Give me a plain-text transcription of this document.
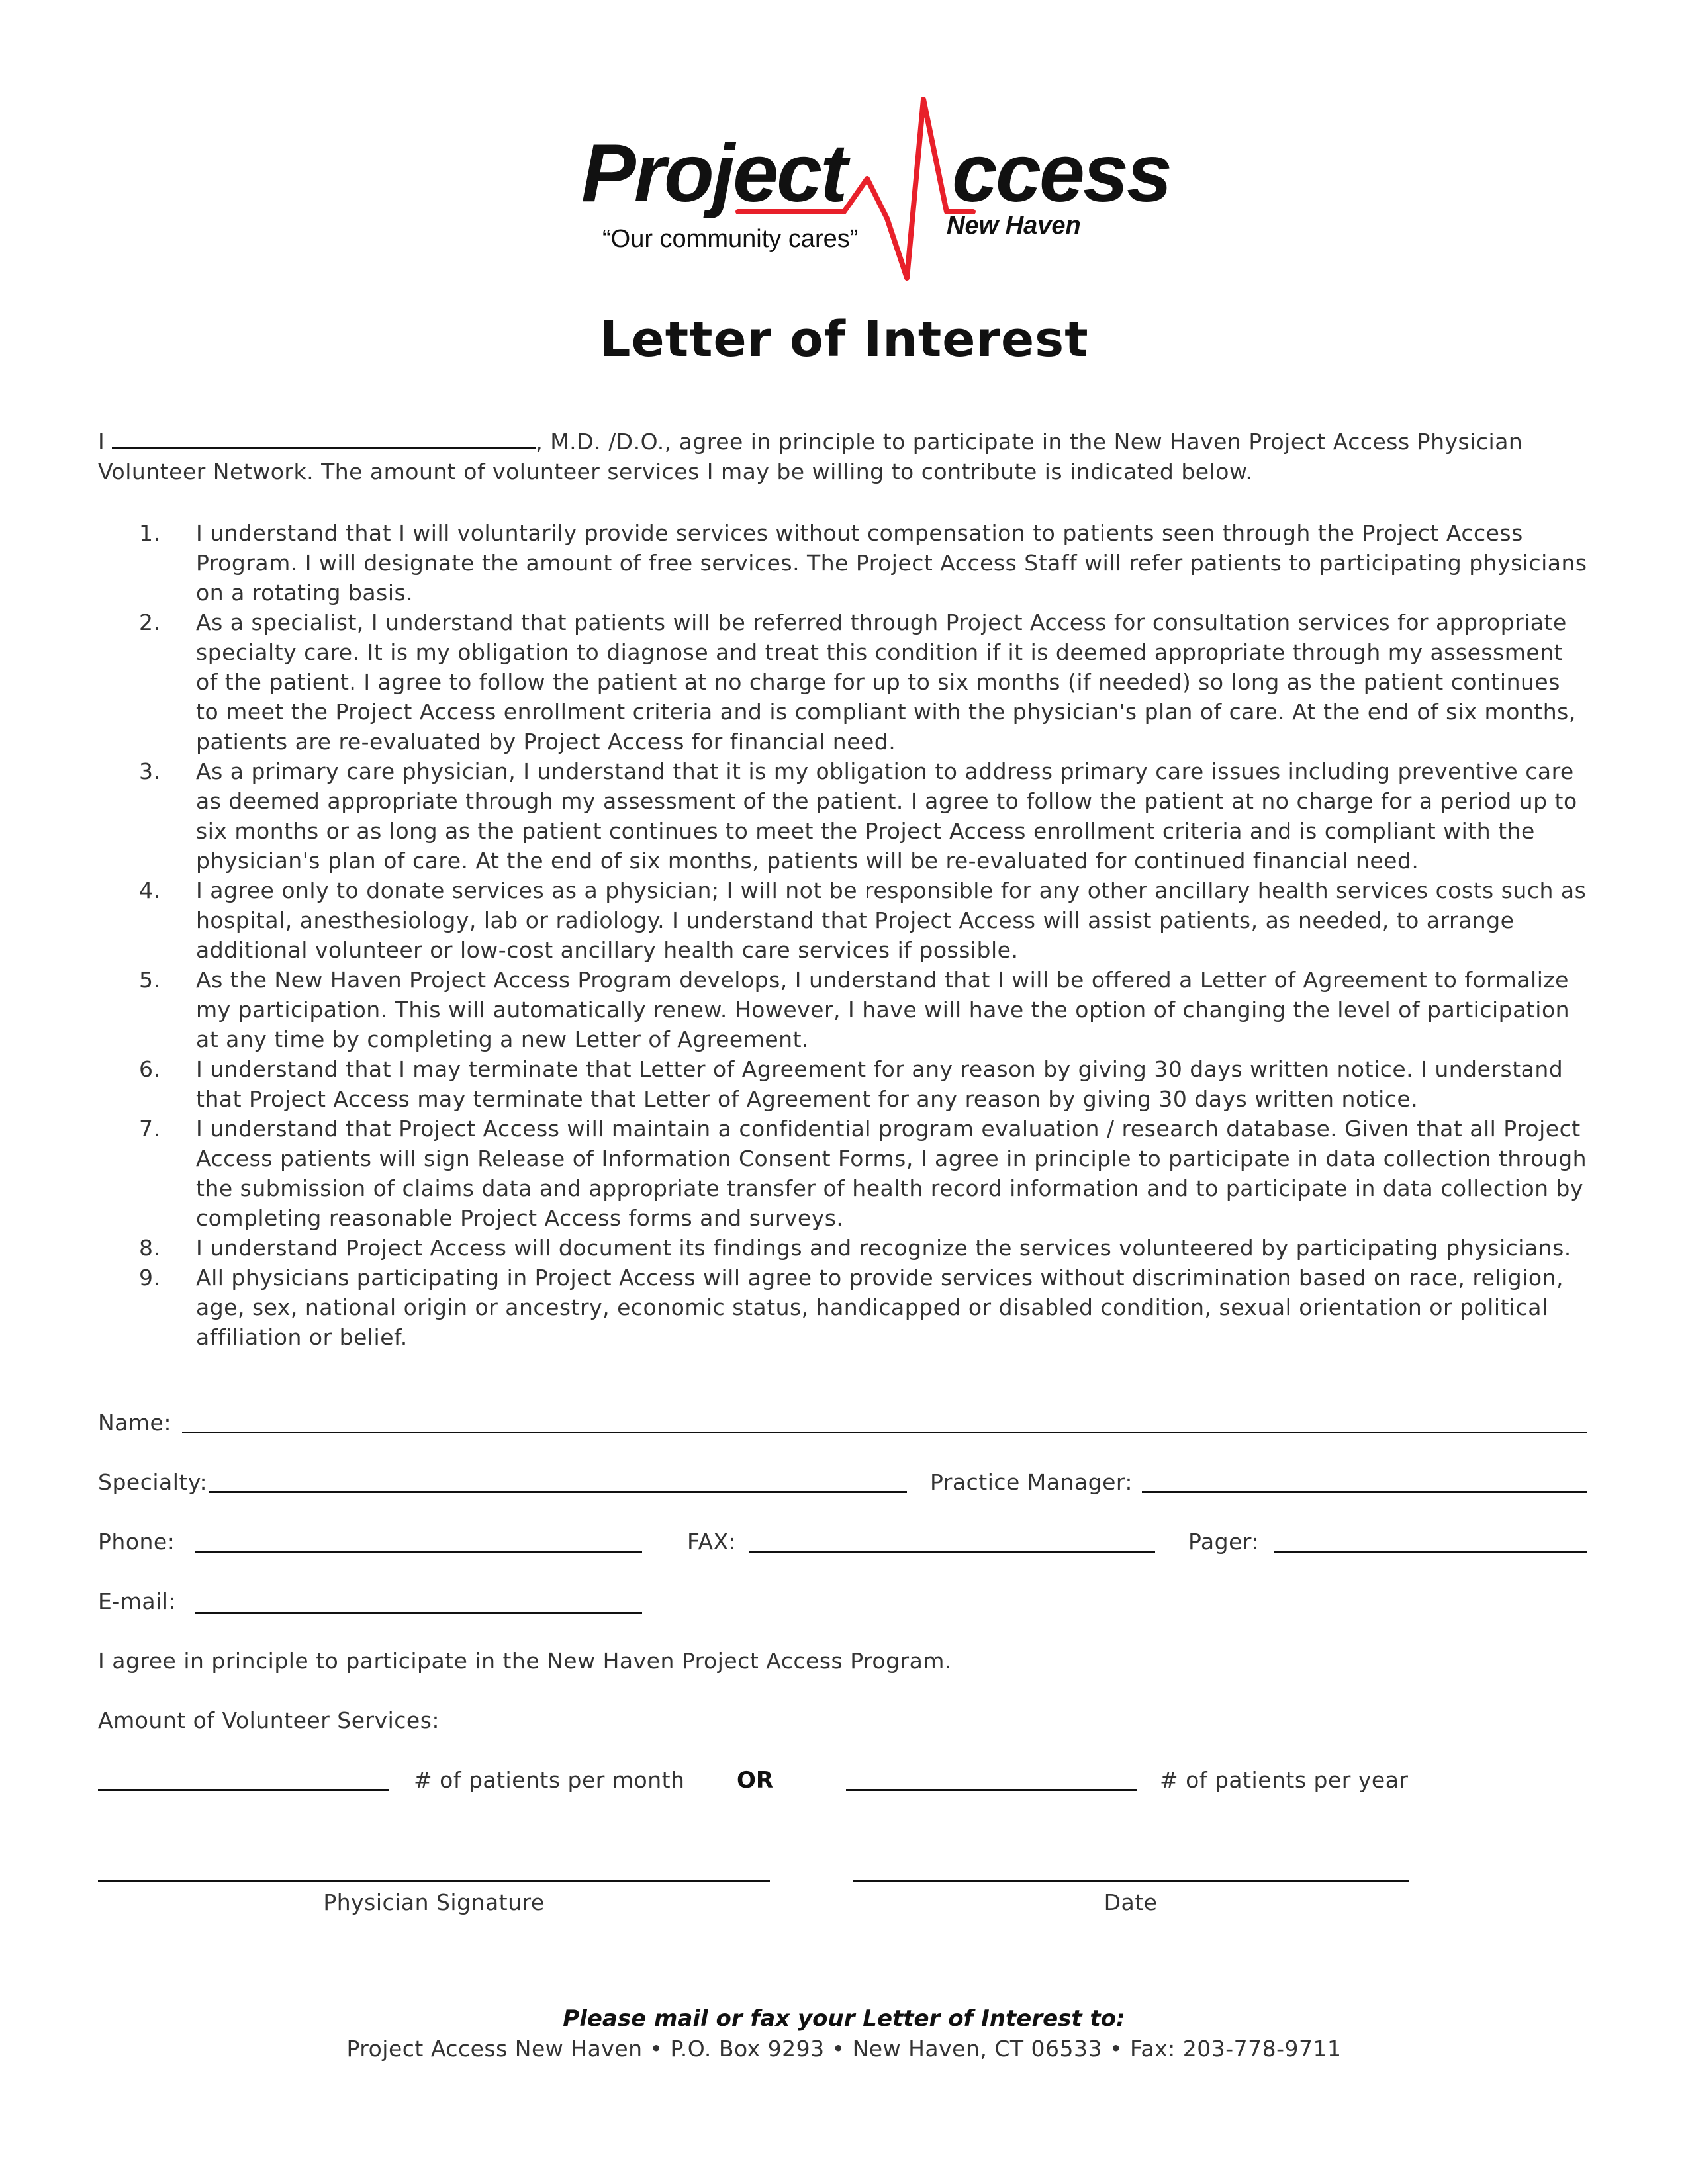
Project ccess
New Haven
“Our community cares”
Letter of Interest
I	, M.D. /D.O., agree in principle to participate in the New Haven Project Access Physician Volunteer Network. The amount of volunteer services I may be willing to contribute is indicated below.
1. I understand that I will voluntarily provide services without compensation to patients seen through the Project Access Program. I will designate the amount of free services. The Project Access Staff will refer patients to participating physicians on a rotating basis.
2. As a specialist, I understand that patients will be referred through Project Access for consultation services for appropriate specialty care. It is my obligation to diagnose and treat this condition if it is deemed appropriate through my assessment of the patient. I agree to follow the patient at no charge for up to six months (if needed) so long as the patient continues to meet the Project Access enrollment criteria and is compliant with the physician's plan of care. At the end of six months, patients are re-evaluated by Project Access for financial need.
3. As a primary care physician, I understand that it is my obligation to address primary care issues including preventive care as deemed appropriate through my assessment of the patient. I agree to follow the patient at no charge for a period up to six months or as long as the patient continues to meet the Project Access enrollment criteria and is compliant with the physician's plan of care. At the end of six months, patients will be re-evaluated for continued financial need.
4. I agree only to donate services as a physician; I will not be responsible for any other ancillary health services costs such as hospital, anesthesiology, lab or radiology. I understand that Project Access will assist patients, as needed, to arrange additional volunteer or low-cost ancillary health care services if possible.
5. As the New Haven Project Access Program develops, I understand that I will be offered a Letter of Agreement to formalize my participation. This will automatically renew. However, I have will have the option of changing the level of participation at any time by completing a new Letter of Agreement.
6. I understand that I may terminate that Letter of Agreement for any reason by giving 30 days written notice. I understand that Project Access may terminate that Letter of Agreement for any reason by giving 30 days written notice.
7. I understand that Project Access will maintain a confidential program evaluation / research database. Given that all Project Access patients will sign Release of Information Consent Forms, I agree in principle to participate in data collection through the submission of claims data and appropriate transfer of health record information and to participate in data collection by completing reasonable Project Access forms and surveys.
8. I understand Project Access will document its findings and recognize the services volunteered by participating physicians.
9. All physicians participating in Project Access will agree to provide services without discrimination based on race, religion, age, sex, national origin or ancestry, economic status, handicapped or disabled condition, sexual orientation or political affiliation or belief.
Name:
Specialty:	Practice Manager:
Phone:	FAX:	Pager:
E-mail:
I agree in principle to participate in the New Haven Project Access Program.
Amount of Volunteer Services:
# of patients per month OR	# of patients per year
Physician Signature	Date
Please mail or fax your Letter of Interest to:
Project Access New Haven • P.O. Box 9293 • New Haven, CT 06533 • Fax: 203-778-9711
